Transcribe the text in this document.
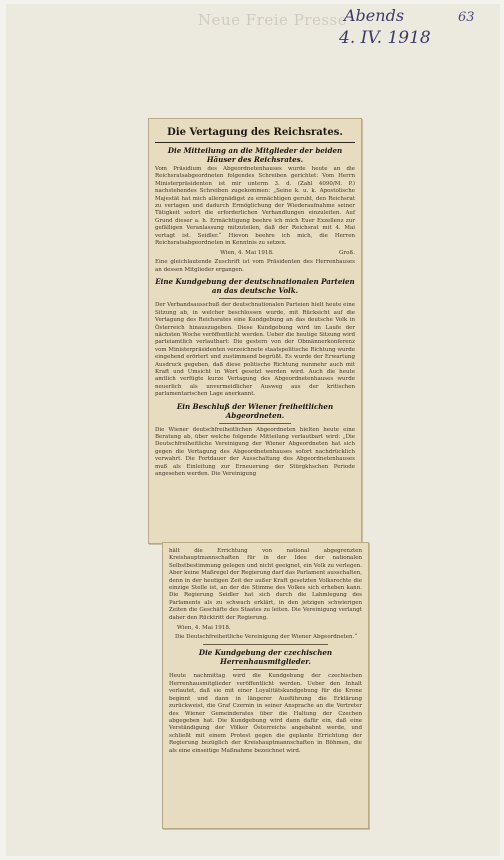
Neue Freie Presse
Abends
4. IV. 1918
63
Die Vertagung des Reichsrates.
Die Mitteilung an die Mitglieder der beiden Häuser des Reichsrates.
Vom Präsidium des Abgeordnetenhauses wurde heute an die Reichsratsabgeordneten folgendes Schreiben gerichtet: Vom Herrn Ministerpräsidenten ist mir unterm 3. d. (Zahl 4090/M. P.) nachstehendes Schreiben zugekommen: „Seine k. u. k. Apostolische Majestät hat mich allergnädigst zu ermächtigen geruht, den Reichsrat zu vertagen und dadurch Ermöglichung der Wiederaufnahme seiner Tätigkeit sofort die erforderlichen Verhandlungen einzuleiten. Auf Grund dieser a. h. Ermächtigung beehre ich mich Euer Exzellenz zur gefälligen Veranlassung mitzuteilen, daß der Reichsrat mit 4. Mai vertagt ist. Seidler.“ Hievon beehre ich mich, die Herren Reichsratsabgeordneten in Kenntnis zu setzen.
Wien, 4. Mai 1918.	Groß.
Eine gleichlautende Zuschrift ist vom Präsidenten des Herrenhauses an dessen Mitglieder ergangen.
Eine Kundgebung der deutschnationalen Parteien an das deutsche Volk.
Der Verbandsausschuß der deutschnationalen Parteien hielt heute eine Sitzung ab, in welcher beschlossen wurde, mit Rücksicht auf die Vertagung des Reichsrates eine Kundgebung an das deutsche Volk in Österreich hinauszugeben. Diese Kundgebung wird im Laufe der nächsten Woche veröffentlicht werden. Ueber die heutige Sitzung wird parteiamtlich verlautbart: Die gestern von der Obmännerkonferenz vom Ministerpräsidenten verzeichnete staatspolitische Richtung wurde eingehend erörtert und zustimmend begrüßt. Es wurde der Erwartung Ausdruck gegeben, daß diese politische Richtung nunmehr auch mit Kraft und Umsicht in Wort gesetzt werden wird. Auch die heute amtlich verfügte kurze Vertagung des Abgeordnetenhauses wurde neuerlich als unvermeidlicher Ausweg aus der kritischen parlamentarischen Lage anerkannt.
Ein Beschluß der Wiener freiheitlichen Abgeordneten.
Die Wiener deutschfreiheitlichen Abgeordneten hielten heute eine Beratung ab, über welche folgende Mitteilung verlautbart wird: „Die Deutschfreiheitliche Vereinigung der Wiener Abgeordneten hat sich gegen die Vertagung des Abgeordnetenhauses sofort nachdrücklich verwahrt. Die Fortdauer der Ausschaltung des Abgeordnetenhauses muß als Einleitung zur Erneuerung der Stürgkhschen Periode angesehen werden. Die Vereinigung
hält die Errichtung von national abgegrenzten Kreishauptmannschaften für in der Idee der nationalen Selbstbestimmung gelegen und nicht geeignet, ein Volk zu verlegen. Aber keine Maßregel der Regierung darf das Parlament ausschalten, denn in der heutigen Zeit der außer Kraft gesetzten Volksrechte die einzige Stelle ist, an der die Stimme des Volkes sich erheben kann. Die Regierung Seidler hat sich durch die Lahmlegung des Parlaments als zu schwach erklärt, in den jetzigen schwierigen Zeiten die Geschäfte des Staates zu leiten. Die Vereinigung verlangt daher den Rücktritt der Regierung.
Wien, 4. Mai 1918.
Die Deutschfreiheitliche Vereinigung der Wiener Abgeordneten.“
Die Kundgebung der czechischen Herrenhausmitglieder.
Heute nachmittag wird die Kundgebung der czechischen Herrenhausmitglieder veröffentlicht werden. Ueber den Inhalt verlautet, daß sie mit einer Loyalitätskundgebung für die Krone beginnt und dann in längerer Ausführung die Erklärung zurückweist, die Graf Czernin in seiner Ansprache an die Vertreter des Wiener Gemeinderates über die Haltung der Czechen abgegeben hat. Die Kundgebung wird dann dafür ein, daß eine Verständigung der Völker Österreichs angebahnt werde, und schließt mit einem Protest gegen die geplante Errichtung der Regierung bezüglich der Kreishauptmannschaften in Böhmen, die als eine einseitige Maßnahme bezeichnet wird.
